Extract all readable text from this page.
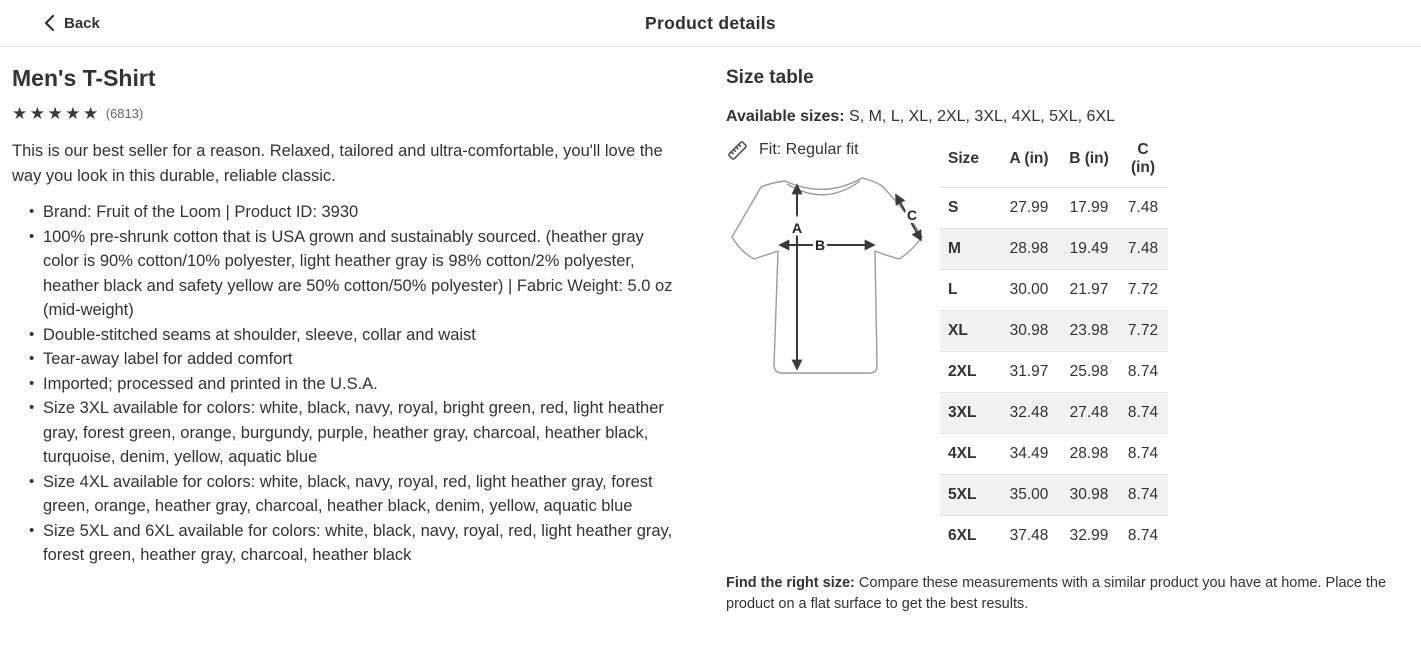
Back	Product details
Men's T-Shirt
★★★★★ (6813)

This is our best seller for a reason. Relaxed, tailored and ultra-comfortable, you'll love the way you look in this durable, reliable classic.

• Brand: Fruit of the Loom | Product ID: 3930
• 100% pre-shrunk cotton that is USA grown and sustainably sourced. (heather gray color is 90% cotton/10% polyester, light heather gray is 98% cotton/2% polyester, heather black and safety yellow are 50% cotton/50% polyester) | Fabric Weight: 5.0 oz (mid-weight)
• Double-stitched seams at shoulder, sleeve, collar and waist
• Tear-away label for added comfort
• Imported; processed and printed in the U.S.A.
• Size 3XL available for colors: white, black, navy, royal, bright green, red, light heather gray, forest green, orange, burgundy, purple, heather gray, charcoal, heather black, turquoise, denim, yellow, aquatic blue
• Size 4XL available for colors: white, black, navy, royal, red, light heather gray, forest green, orange, heather gray, charcoal, heather black, denim, yellow, aquatic blue
• Size 5XL and 6XL available for colors: white, black, navy, royal, red, light heather gray, forest green, heather gray, charcoal, heather black
Size table
Available sizes: S, M, L, XL, 2XL, 3XL, 4XL, 5XL, 6XL
Fit: Regular fit
A
B
C
Size	A (in)	B (in)	C (in)
S	27.99	17.99	7.48
M	28.98	19.49	7.48
L	30.00	21.97	7.72
XL	30.98	23.98	7.72
2XL	31.97	25.98	8.74
3XL	32.48	27.48	8.74
4XL	34.49	28.98	8.74
5XL	35.00	30.98	8.74
6XL	37.48	32.99	8.74

Find the right size: Compare these measurements with a similar product you have at home. Place the product on a flat surface to get the best results.
